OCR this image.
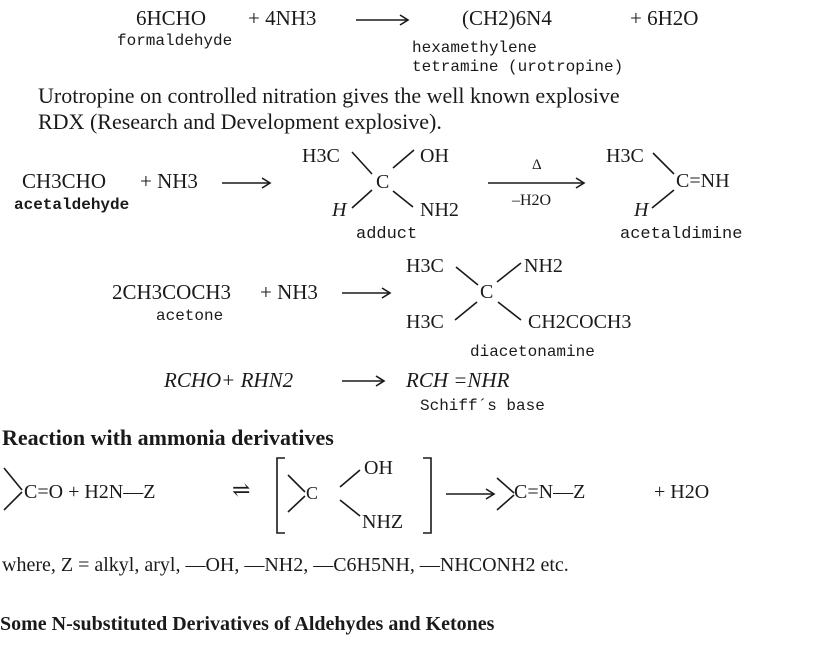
6HCHO + 4NH3	(CH2)6N4	+ 6H2O
formaldehyde	hexamethylene
tetramine (urotropine)
Urotropine on controlled nitration gives the well known explosive
RDX (Research and Development explosive).
CH3CHO + NH3
acetaldehyde
H3C	OH
C
H	NH2
adduct
Δ
–H2O
H3C
C=NH
H
acetaldimine
2CH3COCH3 + NH3
acetone
H3C	NH2
C
H3C	CH2COCH3
diacetonamine
RCHO+ RHN2	RCH =NHR
Schiff´s base
Reaction with ammonia derivatives
C=O + H2N—Z	⇌	C
OH
NHZ
C=N—Z	+ H2O
where, Z = alkyl, aryl, —OH, —NH2, —C6H5NH, —NHCONH2 etc.
Some N-substituted Derivatives of Aldehydes and Ketones
